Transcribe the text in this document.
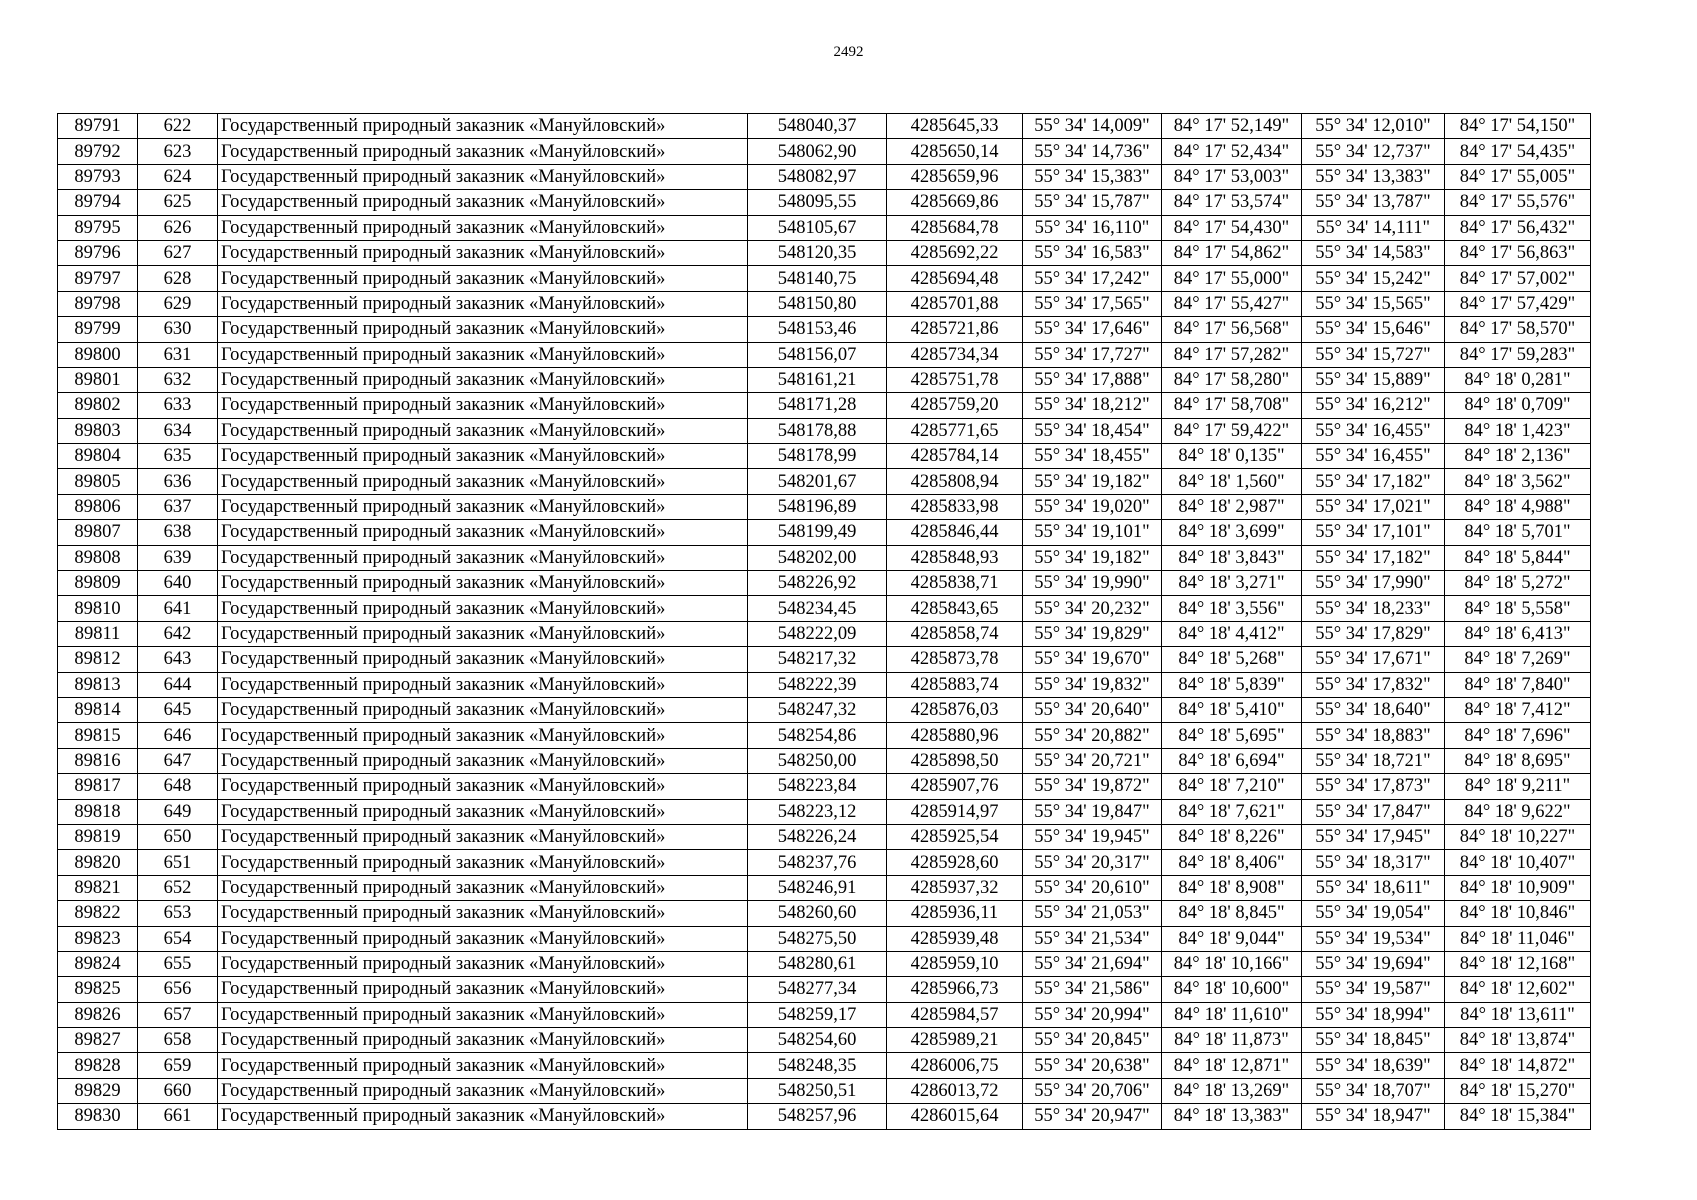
2492
89791	622	Государственный природный заказник «Мануйловский»	548040,37	4285645,33	55° 34' 14,009"	84° 17' 52,149"	55° 34' 12,010"	84° 17' 54,150"
89792	623	Государственный природный заказник «Мануйловский»	548062,90	4285650,14	55° 34' 14,736"	84° 17' 52,434"	55° 34' 12,737"	84° 17' 54,435"
89793	624	Государственный природный заказник «Мануйловский»	548082,97	4285659,96	55° 34' 15,383"	84° 17' 53,003"	55° 34' 13,383"	84° 17' 55,005"
89794	625	Государственный природный заказник «Мануйловский»	548095,55	4285669,86	55° 34' 15,787"	84° 17' 53,574"	55° 34' 13,787"	84° 17' 55,576"
89795	626	Государственный природный заказник «Мануйловский»	548105,67	4285684,78	55° 34' 16,110"	84° 17' 54,430"	55° 34' 14,111"	84° 17' 56,432"
89796	627	Государственный природный заказник «Мануйловский»	548120,35	4285692,22	55° 34' 16,583"	84° 17' 54,862"	55° 34' 14,583"	84° 17' 56,863"
89797	628	Государственный природный заказник «Мануйловский»	548140,75	4285694,48	55° 34' 17,242"	84° 17' 55,000"	55° 34' 15,242"	84° 17' 57,002"
89798	629	Государственный природный заказник «Мануйловский»	548150,80	4285701,88	55° 34' 17,565"	84° 17' 55,427"	55° 34' 15,565"	84° 17' 57,429"
89799	630	Государственный природный заказник «Мануйловский»	548153,46	4285721,86	55° 34' 17,646"	84° 17' 56,568"	55° 34' 15,646"	84° 17' 58,570"
89800	631	Государственный природный заказник «Мануйловский»	548156,07	4285734,34	55° 34' 17,727"	84° 17' 57,282"	55° 34' 15,727"	84° 17' 59,283"
89801	632	Государственный природный заказник «Мануйловский»	548161,21	4285751,78	55° 34' 17,888"	84° 17' 58,280"	55° 34' 15,889"	84° 18' 0,281"
89802	633	Государственный природный заказник «Мануйловский»	548171,28	4285759,20	55° 34' 18,212"	84° 17' 58,708"	55° 34' 16,212"	84° 18' 0,709"
89803	634	Государственный природный заказник «Мануйловский»	548178,88	4285771,65	55° 34' 18,454"	84° 17' 59,422"	55° 34' 16,455"	84° 18' 1,423"
89804	635	Государственный природный заказник «Мануйловский»	548178,99	4285784,14	55° 34' 18,455"	84° 18' 0,135"	55° 34' 16,455"	84° 18' 2,136"
89805	636	Государственный природный заказник «Мануйловский»	548201,67	4285808,94	55° 34' 19,182"	84° 18' 1,560"	55° 34' 17,182"	84° 18' 3,562"
89806	637	Государственный природный заказник «Мануйловский»	548196,89	4285833,98	55° 34' 19,020"	84° 18' 2,987"	55° 34' 17,021"	84° 18' 4,988"
89807	638	Государственный природный заказник «Мануйловский»	548199,49	4285846,44	55° 34' 19,101"	84° 18' 3,699"	55° 34' 17,101"	84° 18' 5,701"
89808	639	Государственный природный заказник «Мануйловский»	548202,00	4285848,93	55° 34' 19,182"	84° 18' 3,843"	55° 34' 17,182"	84° 18' 5,844"
89809	640	Государственный природный заказник «Мануйловский»	548226,92	4285838,71	55° 34' 19,990"	84° 18' 3,271"	55° 34' 17,990"	84° 18' 5,272"
89810	641	Государственный природный заказник «Мануйловский»	548234,45	4285843,65	55° 34' 20,232"	84° 18' 3,556"	55° 34' 18,233"	84° 18' 5,558"
89811	642	Государственный природный заказник «Мануйловский»	548222,09	4285858,74	55° 34' 19,829"	84° 18' 4,412"	55° 34' 17,829"	84° 18' 6,413"
89812	643	Государственный природный заказник «Мануйловский»	548217,32	4285873,78	55° 34' 19,670"	84° 18' 5,268"	55° 34' 17,671"	84° 18' 7,269"
89813	644	Государственный природный заказник «Мануйловский»	548222,39	4285883,74	55° 34' 19,832"	84° 18' 5,839"	55° 34' 17,832"	84° 18' 7,840"
89814	645	Государственный природный заказник «Мануйловский»	548247,32	4285876,03	55° 34' 20,640"	84° 18' 5,410"	55° 34' 18,640"	84° 18' 7,412"
89815	646	Государственный природный заказник «Мануйловский»	548254,86	4285880,96	55° 34' 20,882"	84° 18' 5,695"	55° 34' 18,883"	84° 18' 7,696"
89816	647	Государственный природный заказник «Мануйловский»	548250,00	4285898,50	55° 34' 20,721"	84° 18' 6,694"	55° 34' 18,721"	84° 18' 8,695"
89817	648	Государственный природный заказник «Мануйловский»	548223,84	4285907,76	55° 34' 19,872"	84° 18' 7,210"	55° 34' 17,873"	84° 18' 9,211"
89818	649	Государственный природный заказник «Мануйловский»	548223,12	4285914,97	55° 34' 19,847"	84° 18' 7,621"	55° 34' 17,847"	84° 18' 9,622"
89819	650	Государственный природный заказник «Мануйловский»	548226,24	4285925,54	55° 34' 19,945"	84° 18' 8,226"	55° 34' 17,945"	84° 18' 10,227"
89820	651	Государственный природный заказник «Мануйловский»	548237,76	4285928,60	55° 34' 20,317"	84° 18' 8,406"	55° 34' 18,317"	84° 18' 10,407"
89821	652	Государственный природный заказник «Мануйловский»	548246,91	4285937,32	55° 34' 20,610"	84° 18' 8,908"	55° 34' 18,611"	84° 18' 10,909"
89822	653	Государственный природный заказник «Мануйловский»	548260,60	4285936,11	55° 34' 21,053"	84° 18' 8,845"	55° 34' 19,054"	84° 18' 10,846"
89823	654	Государственный природный заказник «Мануйловский»	548275,50	4285939,48	55° 34' 21,534"	84° 18' 9,044"	55° 34' 19,534"	84° 18' 11,046"
89824	655	Государственный природный заказник «Мануйловский»	548280,61	4285959,10	55° 34' 21,694"	84° 18' 10,166"	55° 34' 19,694"	84° 18' 12,168"
89825	656	Государственный природный заказник «Мануйловский»	548277,34	4285966,73	55° 34' 21,586"	84° 18' 10,600"	55° 34' 19,587"	84° 18' 12,602"
89826	657	Государственный природный заказник «Мануйловский»	548259,17	4285984,57	55° 34' 20,994"	84° 18' 11,610"	55° 34' 18,994"	84° 18' 13,611"
89827	658	Государственный природный заказник «Мануйловский»	548254,60	4285989,21	55° 34' 20,845"	84° 18' 11,873"	55° 34' 18,845"	84° 18' 13,874"
89828	659	Государственный природный заказник «Мануйловский»	548248,35	4286006,75	55° 34' 20,638"	84° 18' 12,871"	55° 34' 18,639"	84° 18' 14,872"
89829	660	Государственный природный заказник «Мануйловский»	548250,51	4286013,72	55° 34' 20,706"	84° 18' 13,269"	55° 34' 18,707"	84° 18' 15,270"
89830	661	Государственный природный заказник «Мануйловский»	548257,96	4286015,64	55° 34' 20,947"	84° 18' 13,383"	55° 34' 18,947"	84° 18' 15,384"
